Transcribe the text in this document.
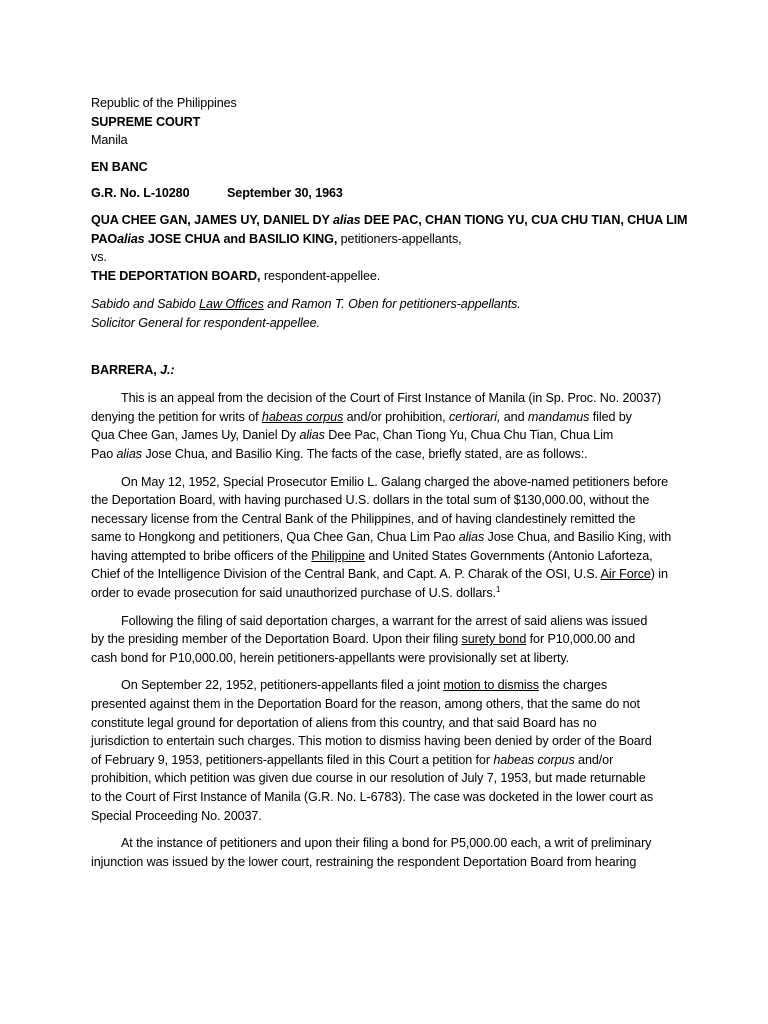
Republic of the Philippines
SUPREME COURT
Manila
EN BANC
G.R. No. L-10280	September 30, 1963
QUA CHEE GAN, JAMES UY, DANIEL DY alias DEE PAC, CHAN TIONG YU, CUA CHU TIAN, CHUA LIM
PAOalias JOSE CHUA and BASILIO KING, petitioners-appellants,
vs.
THE DEPORTATION BOARD, respondent-appellee.
Sabido and Sabido Law Offices and Ramon T. Oben for petitioners-appellants.
Solicitor General for respondent-appellee.
BARRERA, J.:
This is an appeal from the decision of the Court of First Instance of Manila (in Sp. Proc. No. 20037)
denying the petition for writs of habeas corpus and/or prohibition, certiorari, and mandamus filed by
Qua Chee Gan, James Uy, Daniel Dy alias Dee Pac, Chan Tiong Yu, Chua Chu Tian, Chua Lim
Pao alias Jose Chua, and Basilio King. The facts of the case, briefly stated, are as follows:.
On May 12, 1952, Special Prosecutor Emilio L. Galang charged the above-named petitioners before
the Deportation Board, with having purchased U.S. dollars in the total sum of $130,000.00, without the
necessary license from the Central Bank of the Philippines, and of having clandestinely remitted the
same to Hongkong and petitioners, Qua Chee Gan, Chua Lim Pao alias Jose Chua, and Basilio King, with
having attempted to bribe officers of the Philippine and United States Governments (Antonio Laforteza,
Chief of the Intelligence Division of the Central Bank, and Capt. A. P. Charak of the OSI, U.S. Air Force) in
order to evade prosecution for said unauthorized purchase of U.S. dollars.$^1$
Following the filing of said deportation charges, a warrant for the arrest of said aliens was issued
by the presiding member of the Deportation Board. Upon their filing surety bond for P10,000.00 and
cash bond for P10,000.00, herein petitioners-appellants were provisionally set at liberty.
On September 22, 1952, petitioners-appellants filed a joint motion to dismiss the charges
presented against them in the Deportation Board for the reason, among others, that the same do not
constitute legal ground for deportation of aliens from this country, and that said Board has no
jurisdiction to entertain such charges. This motion to dismiss having been denied by order of the Board
of February 9, 1953, petitioners-appellants filed in this Court a petition for habeas corpus and/or
prohibition, which petition was given due course in our resolution of July 7, 1953, but made returnable
to the Court of First Instance of Manila (G.R. No. L-6783). The case was docketed in the lower court as
Special Proceeding No. 20037.
At the instance of petitioners and upon their filing a bond for P5,000.00 each, a writ of preliminary
injunction was issued by the lower court, restraining the respondent Deportation Board from hearing
